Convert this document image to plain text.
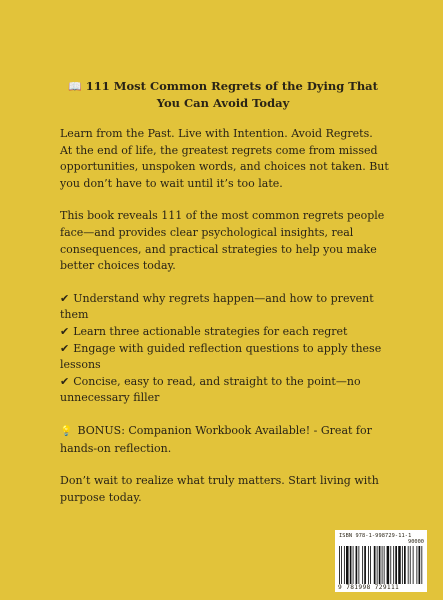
📖 111 Most Common Regrets of the Dying That You Can Avoid Today

Learn from the Past. Live with Intention. Avoid Regrets.
At the end of life, the greatest regrets come from missed opportunities, unspoken words, and choices not taken. But you don’t have to wait until it’s too late.

This book reveals 111 of the most common regrets people face—and provides clear psychological insights, real consequences, and practical strategies to help you make better choices today.

✔ Understand why regrets happen—and how to prevent them
✔ Learn three actionable strategies for each regret
✔ Engage with guided reflection questions to apply these lessons
✔ Concise, easy to read, and straight to the point—no unnecessary filler

💡 BONUS: Companion Workbook Available! - Great for hands-on reflection.

Don’t wait to realize what truly matters. Start living with purpose today.

ISBN 978-1-998729-11-1
90000
9 781998 729111
